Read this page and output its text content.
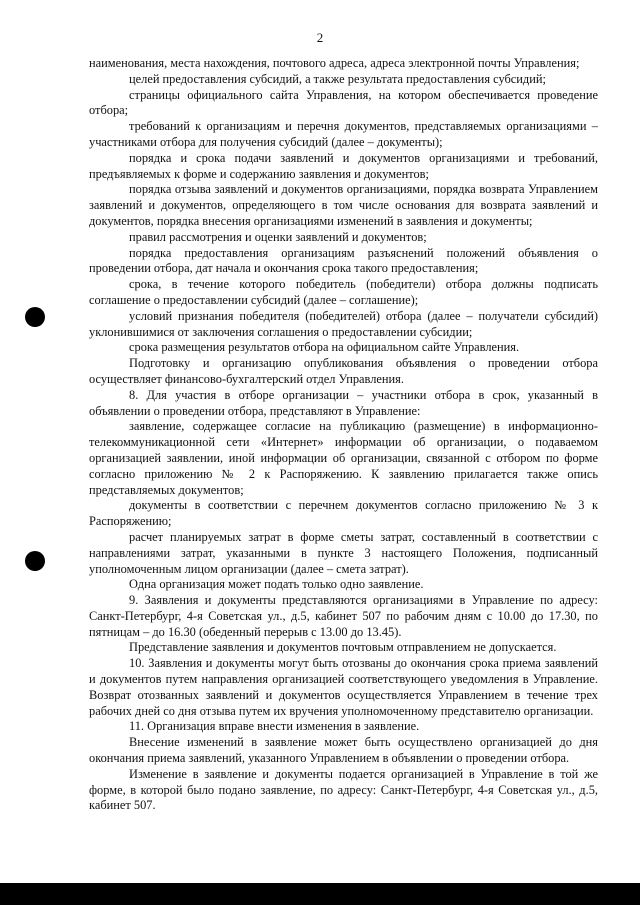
2

наименования, места нахождения, почтового адреса, адреса электронной почты Управления;

целей предоставления субсидий, а также результата предоставления субсидий;

страницы официального сайта Управления, на котором обеспечивается проведение отбора;

требований к организациям и перечня документов, представляемых организациями – участниками отбора для получения субсидий (далее – документы);

порядка и срока подачи заявлений и документов организациями и требований, предъявляемых к форме и содержанию заявления и документов;

порядка отзыва заявлений и документов организациями, порядка возврата Управлением заявлений и документов, определяющего в том числе основания для возврата заявлений и документов, порядка внесения организациями изменений в заявления и документы;

правил рассмотрения и оценки заявлений и документов;

порядка предоставления организациям разъяснений положений объявления о проведении отбора, дат начала и окончания срока такого предоставления;

срока, в течение которого победитель (победители) отбора должны подписать соглашение о предоставлении субсидий (далее – соглашение);

условий признания победителя (победителей) отбора (далее – получатели субсидий) уклонившимися от заключения соглашения о предоставлении субсидии;

срока размещения результатов отбора на официальном сайте Управления.

Подготовку и организацию опубликования объявления о проведении отбора осуществляет финансово-бухгалтерский отдел Управления.

8. Для участия в отборе организации – участники отбора в срок, указанный в объявлении о проведении отбора, представляют в Управление:

заявление, содержащее согласие на публикацию (размещение) в информационно-телекоммуникационной сети «Интернет» информации об организации, о подаваемом организацией заявлении, иной информации об организации, связанной с отбором по форме согласно приложению № 2 к Распоряжению. К заявлению прилагается также опись представляемых документов;

документы в соответствии с перечнем документов согласно приложению № 3 к Распоряжению;

расчет планируемых затрат в форме сметы затрат, составленный в соответствии с направлениями затрат, указанными в пункте 3 настоящего Положения, подписанный уполномоченным лицом организации (далее – смета затрат).

Одна организация может подать только одно заявление.

9. Заявления и документы представляются организациями в Управление по адресу: Санкт-Петербург, 4-я Советская ул., д.5, кабинет 507 по рабочим дням с 10.00 до 17.30, по пятницам – до 16.30 (обеденный перерыв с 13.00 до 13.45).

Представление заявления и документов почтовым отправлением не допускается.

10. Заявления и документы могут быть отозваны до окончания срока приема заявлений и документов путем направления организацией соответствующего уведомления в Управление. Возврат отозванных заявлений и документов осуществляется Управлением в течение трех рабочих дней со дня отзыва путем их вручения уполномоченному представителю организации.

11. Организация вправе внести изменения в заявление.

Внесение изменений в заявление может быть осуществлено организацией до дня окончания приема заявлений, указанного Управлением в объявлении о проведении отбора.

Изменение в заявление и документы подается организацией в Управление в той же форме, в которой было подано заявление, по адресу: Санкт-Петербург, 4-я Советская ул., д.5, кабинет 507.
